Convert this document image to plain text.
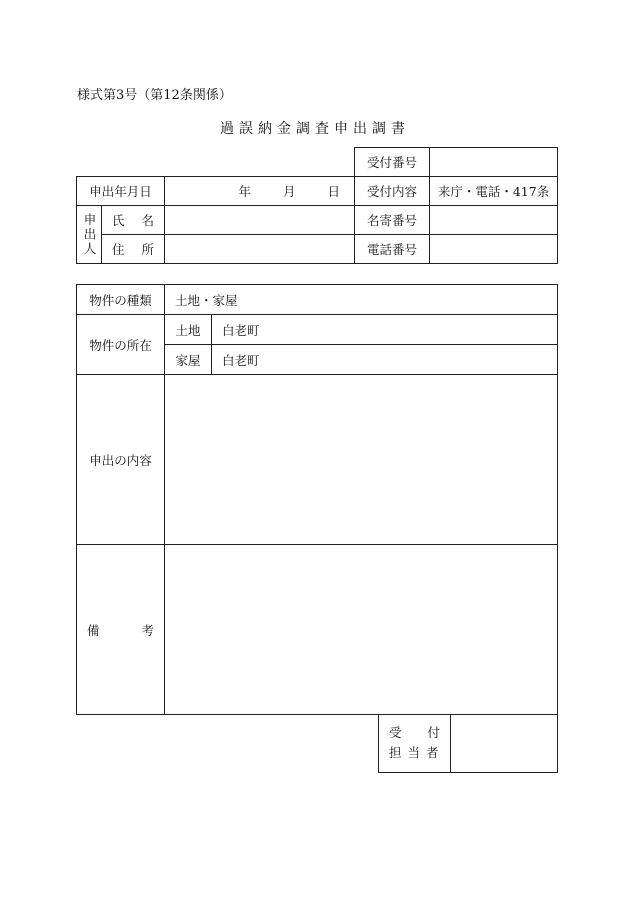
様式第3号（第12条関係）
過誤納金調査申出調書
			受付番号	
申出年月日		年 月 日	受付内容	来庁・電話・417条

申出人	氏 名		名寄番号	

	住 所		電話番号	
物件の種類	土地・家屋	
物件の所在	土地	白老町
	家屋	白老町
申出の内容		

備 考		

受 付
担当者
